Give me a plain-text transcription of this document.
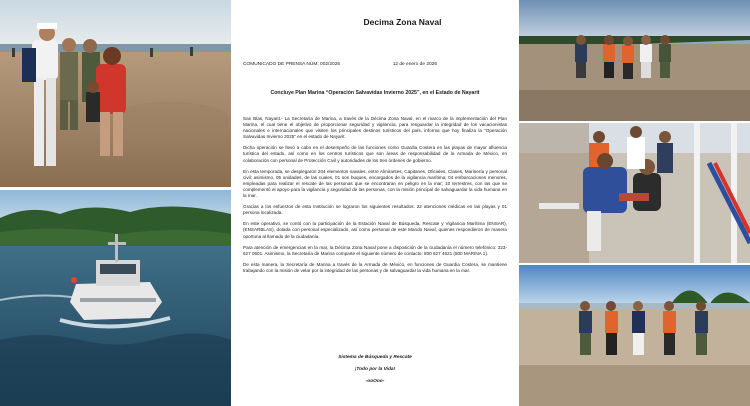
Decima Zona Naval
COMUNICADO DE PRENSA NÚM: 002/2026	12 de enero de 2026
Concluye Plan Marina “Operación Salvavidas Invierno 2025”, en el Estado de Nayarit

San Blas, Nayarit.- La Secretaría de Marina, a través de la Décima Zona Naval, en el marco de la implementación del Plan Marina, el cual tiene el objetivo de proporcionar seguridad y vigilancia, para resguardar la integridad de los vacacionistas nacionales e internacionales que visiten los principales destinos turísticos del país, informa que hoy finaliza la “Operación Salvavidas Invierno 2025” en el estado de Nayarit.

Dicha operación se llevó a cabo en el desempeño de las funciones como Guardia Costera en las playas de mayor afluencia turística del estado, así como en los centros turísticos que son áreas de responsabilidad de la Armada de México, en colaboración con personal de Protección Civil y autoridades de los tres órdenes de gobierno.

En esta temporada, se desplegaron 204 elementos navales, entre Almirantes, Capitanes, Oficiales, Clases, Marinería y personal civil; asimismo, 05 unidades, de las cuales, 01 son buques, encargados de la vigilancia marítima; 04 embarcaciones menores, empleadas para realizar el rescate de las personas que se encontraran en peligro en la mar; 10 terrestres, con las que se complementó el apoyo para la vigilancia y seguridad de las personas, con la misión principal de salvaguardar la vida humana en la mar.

Gracias a los esfuerzos de esta Institución se lograron los siguientes resultados: 22 atenciones médicas en las playas y 01 persona localizada.

En este operativo, se contó con la participación de la Estación Naval de Búsqueda, Rescate y Vigilancia Marítima (ENSAR), (ENSARBLAS), dotada con personal especializado, así como personal de este Mando Naval, quienes respondieron de manera oportuna al llamado de la ciudadanía.

Para atención de emergencias en la mar, la Décima Zona Naval pone a disposición de la ciudadanía el número telefónico: 323-627 0601. Asimismo, la Secretaría de Marina comparte el siguiente número de contacto: 800 627 4621 (800 MARINA 1).

De esta manera, la Secretaría de Marina a través de la Armada de México, en funciones de Guardia Costera, se mantiene trabajando con la misión de velar por la integridad de las personas y de salvaguardar la vida humana en la mar.

Sistema de Búsqueda y Rescate
¡Todo por la Vida!
-ooOoo-
